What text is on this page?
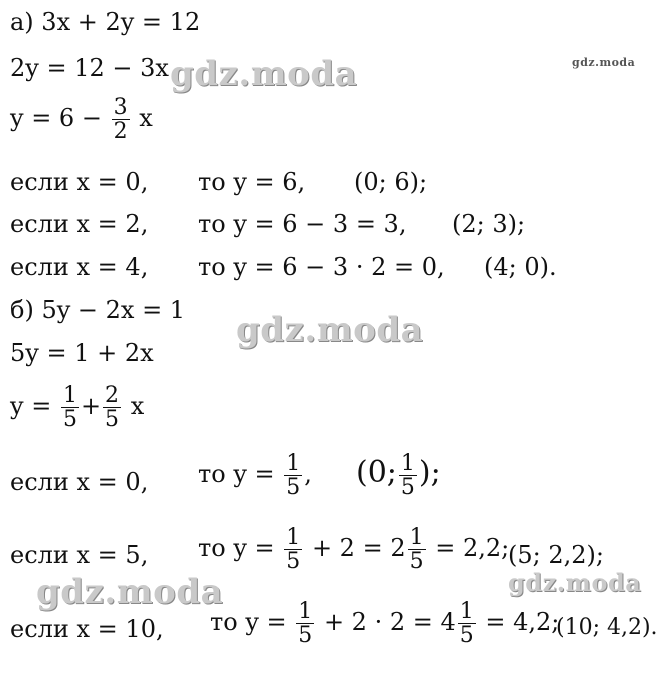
gdz.moda	gdz.moda
gdz.moda
gdz.moda	gdz.moda
а) 3x + 2y = 12
2y = 12 − 3x
$y = 6 - \frac{3}{2}$ x
если x = 0, то y = 6, (0; 6);
если x = 2, то y = 6 − 3 = 3, (2; 3);
если x = 4, то y = 6 − 3 · 2 = 0, (4; 0).
б) 5y − 2x = 1
5y = 1 + 2x
$y = \frac{1}{5} + \frac{2}{5}$ x
если x = 0, то $y = \frac{1}{5}$ , (0; $\frac{1}{5}$ );
если x = 5, то $y = \frac{1}{5} + 2 = 2 \frac{1}{5} = 2,2$;
(5; 2,2);
если x = 10, то $y = \frac{1}{5} + 2 \cdot 2 = 4 \frac{1}{5} = 4,2$;
(10; 4,2).
